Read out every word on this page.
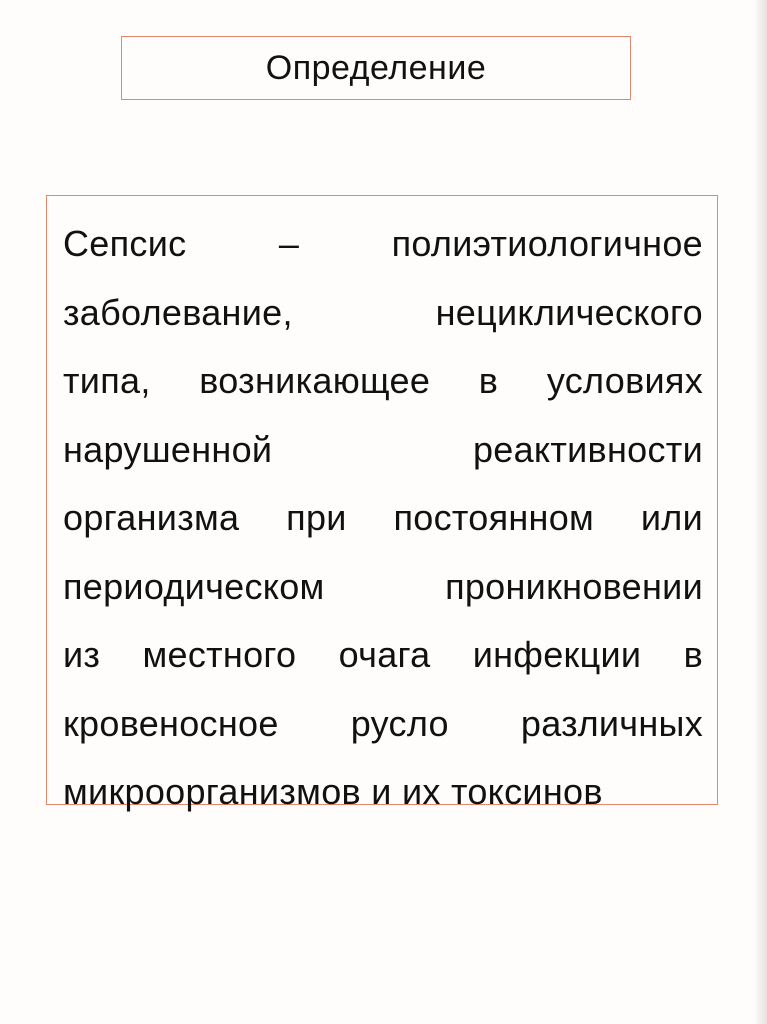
Определение
Сепсис – полиэтиологичное
заболевание, нециклического
типа, возникающее в условиях
нарушенной реактивности
организма при постоянном или
периодическом проникновении
из местного очага инфекции в
кровеносное русло различных
микроорганизмов и их токсинов
